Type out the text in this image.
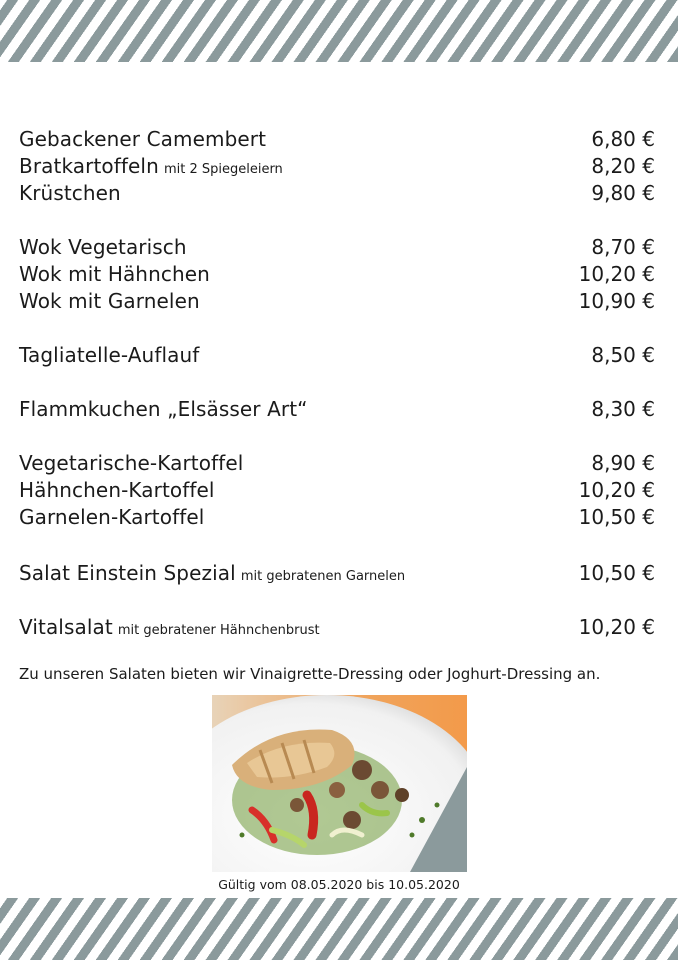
Gebackener Camembert	6,80 €
Bratkartoffeln mit 2 Spiegeleiern	8,20 €
Krüstchen	9,80 €
Wok Vegetarisch	8,70 €
Wok mit Hähnchen	10,20 €
Wok mit Garnelen	10,90 €
Tagliatelle-Auflauf	8,50 €
Flammkuchen „Elsässer Art“	8,30 €
Vegetarische-Kartoffel	8,90 €
Hähnchen-Kartoffel	10,20 €
Garnelen-Kartoffel	10,50 €
Salat Einstein Spezial mit gebratenen Garnelen	10,50 €
Vitalsalat mit gebratener Hähnchenbrust	10,20 €
Zu unseren Salaten bieten wir Vinaigrette-Dressing oder Joghurt-Dressing an.
Gültig vom 08.05.2020 bis 10.05.2020
